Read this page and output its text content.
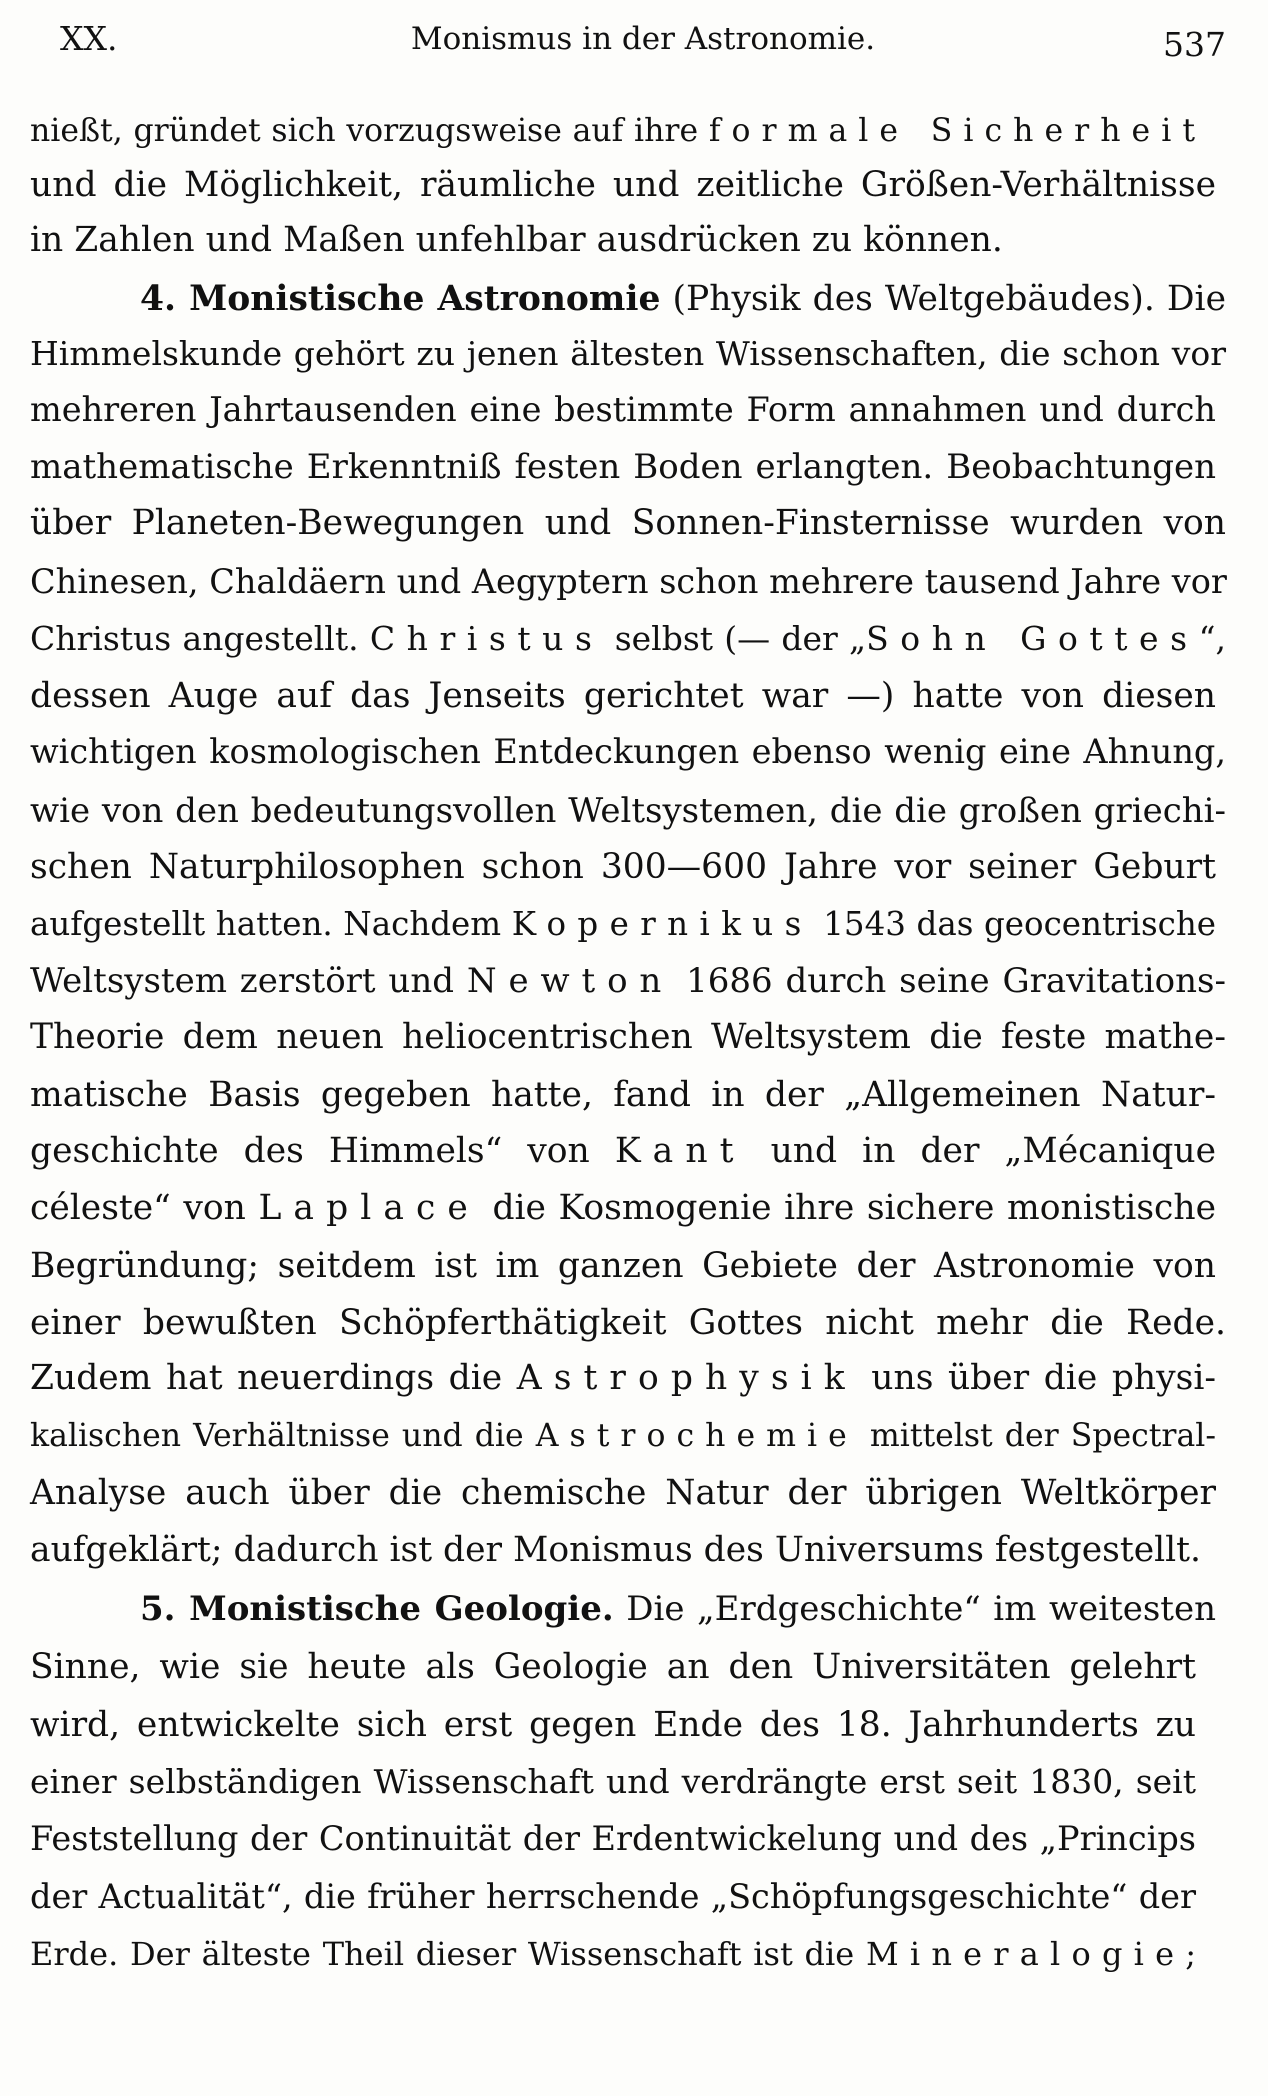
XX.	Monismus in der Astronomie.	537
nießt, gründet sich vorzugsweise auf ihre formale Sicherheit
und die Möglichkeit, räumliche und zeitliche Größen-Verhältnisse
in Zahlen und Maßen unfehlbar ausdrücken zu können.
4. Monistische Astronomie (Physik des Weltgebäudes). Die
Himmelskunde gehört zu jenen ältesten Wissenschaften, die schon vor
mehreren Jahrtausenden eine bestimmte Form annahmen und durch
mathematische Erkenntniß festen Boden erlangten. Beobachtungen
über Planeten-Bewegungen und Sonnen-Finsternisse wurden von
Chinesen, Chaldäern und Aegyptern schon mehrere tausend Jahre vor
Christus angestellt. Christus selbst (— der „Sohn Gottes“,
dessen Auge auf das Jenseits gerichtet war —) hatte von diesen
wichtigen kosmologischen Entdeckungen ebenso wenig eine Ahnung,
wie von den bedeutungsvollen Weltsystemen, die die großen griechi-
schen Naturphilosophen schon 300—600 Jahre vor seiner Geburt
aufgestellt hatten. Nachdem Kopernikus 1543 das geocentrische
Weltsystem zerstört und Newton 1686 durch seine Gravitations-
Theorie dem neuen heliocentrischen Weltsystem die feste mathe-
matische Basis gegeben hatte, fand in der „Allgemeinen Natur-
geschichte des Himmels“ von Kant und in der „Mécanique
céleste“ von Laplace die Kosmogenie ihre sichere monistische
Begründung; seitdem ist im ganzen Gebiete der Astronomie von
einer bewußten Schöpferthätigkeit Gottes nicht mehr die Rede.
Zudem hat neuerdings die Astrophysik uns über die physi-
kalischen Verhältnisse und die Astrochemie mittelst der Spectral-
Analyse auch über die chemische Natur der übrigen Weltkörper
aufgeklärt; dadurch ist der Monismus des Universums festgestellt.
5. Monistische Geologie. Die „Erdgeschichte“ im weitesten
Sinne, wie sie heute als Geologie an den Universitäten gelehrt
wird, entwickelte sich erst gegen Ende des 18. Jahrhunderts zu
einer selbständigen Wissenschaft und verdrängte erst seit 1830, seit
Feststellung der Continuität der Erdentwickelung und des „Princips
der Actualität“, die früher herrschende „Schöpfungsgeschichte“ der
Erde. Der älteste Theil dieser Wissenschaft ist die Mineralogie;
